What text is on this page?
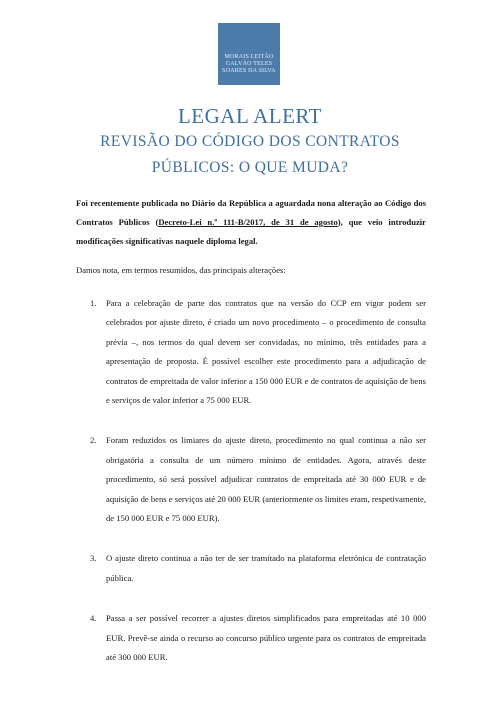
MORAIS LEITÃO
GALVÃO TELES
SOARES DA SILVA
LEGAL ALERT
REVISÃO DO CÓDIGO DOS CONTRATOS
PÚBLICOS: O QUE MUDA?
Foi recentemente publicada no Diário da República a aguardada nona alteração ao Código dos Contratos Públicos (Decreto-Lei n.º 111-B/2017, de 31 de agosto), que veio introduzir modificações significativas naquele diploma legal.
Damos nota, em termos resumidos, das principais alterações:
1. Para a celebração de parte dos contratos que na versão do CCP em vigor podem ser celebrados por ajuste direto, é criado um novo procedimento – o procedimento de consulta prévia –, nos termos do qual devem ser convidadas, no mínimo, três entidades para a apresentação de proposta. É possível escolher este procedimento para a adjudicação de contratos de empreitada de valor inferior a 150 000 EUR e de contratos de aquisição de bens e serviços de valor inferior a 75 000 EUR.
2. Foram reduzidos os limiares do ajuste direto, procedimento no qual continua a não ser obrigatória a consulta de um número mínimo de entidades. Agora, através deste procedimento, só será possível adjudicar contratos de empreitada até 30 000 EUR e de aquisição de bens e serviços até 20 000 EUR (anteriormente os limites eram, respetivamente, de 150 000 EUR e 75 000 EUR).
3. O ajuste direto continua a não ter de ser tramitado na plataforma eletrónica de contratação pública.
4. Passa a ser possível recorrer a ajustes diretos simplificados para empreitadas até 10 000 EUR. Prevê-se ainda o recurso ao concurso público urgente para os contratos de empreitada até 300 000 EUR.
